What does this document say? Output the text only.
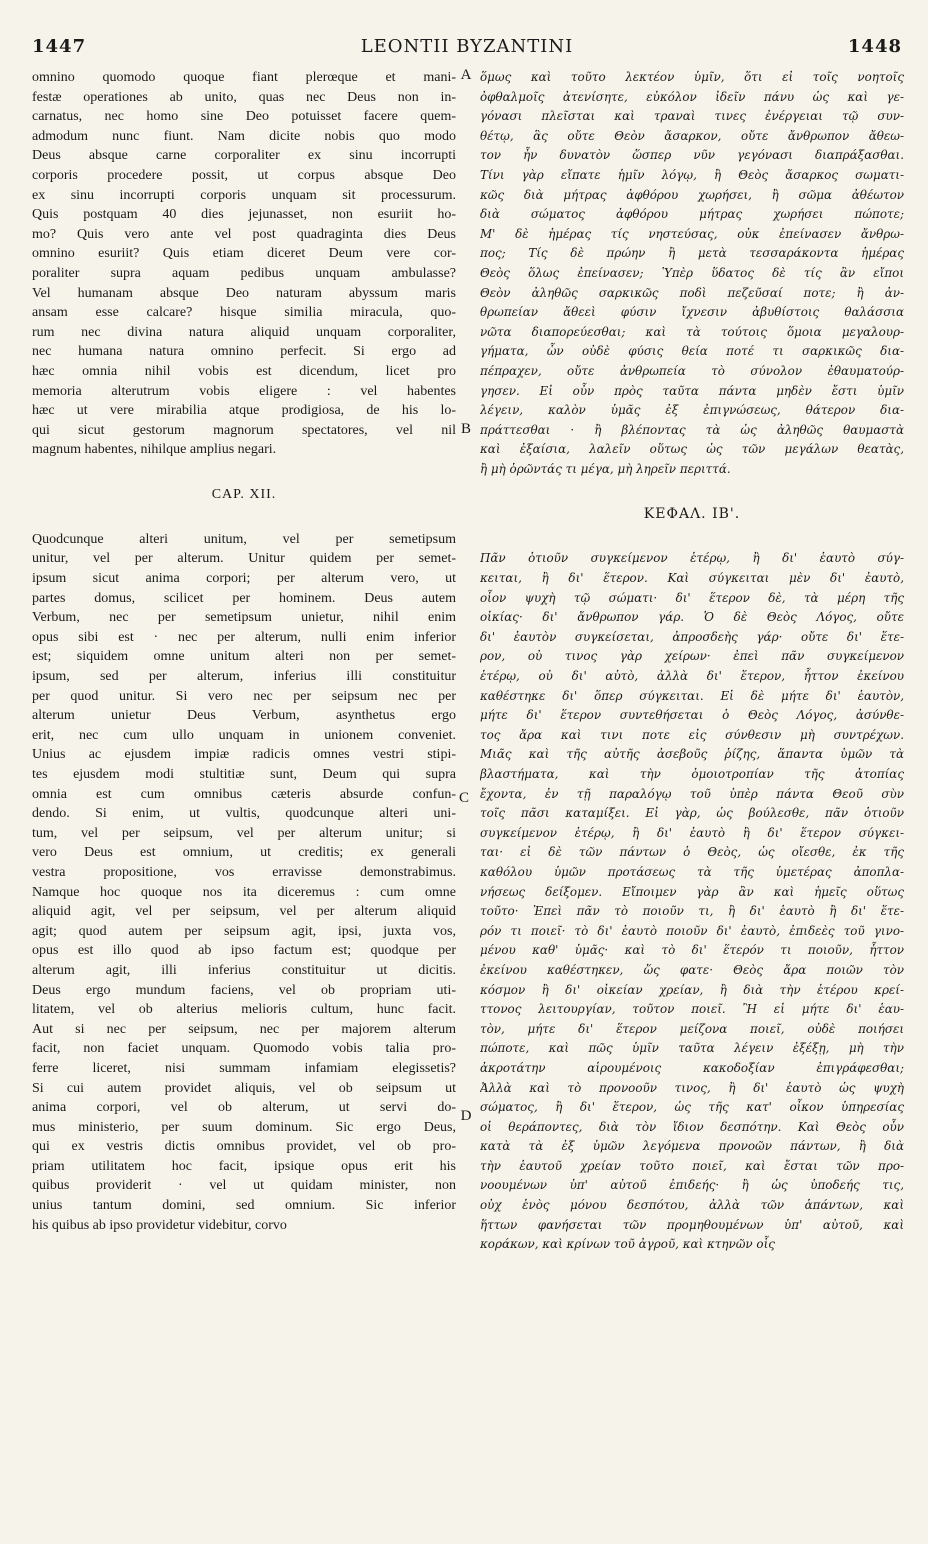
1447	LEONTII BYZANTINI	1448
A
B
C
D
omnino quomodo quoque fiant plerœque et mani-
festæ operationes ab unito, quas nec Deus non in-
carnatus, nec homo sine Deo potuisset facere quem-
admodum nunc fiunt. Nam dicite nobis quo modo
Deus absque carne corporaliter ex sinu incorrupti
corporis procedere possit, ut corpus absque Deo
ex sinu incorrupti corporis unquam sit processurum.
Quis postquam 40 dies jejunasset, non esuriit ho-
mo? Quis vero ante vel post quadraginta dies Deus
omnino esuriit? Quis etiam diceret Deum vere cor-
poraliter supra aquam pedibus unquam ambulasse?
Vel humanam absque Deo naturam abyssum maris
ansam esse calcare? hisque similia miracula, quo-
rum nec divina natura aliquid unquam corporaliter,
nec humana natura omnino perfecit. Si ergo ad
hæc omnia nihil vobis est dicendum, licet pro
memoria alterutrum vobis eligere : vel habentes
hæc ut vere mirabilia atque prodigiosa, de his lo-
qui sicut gestorum magnorum spectatores, vel nil
magnum habentes, nihilque amplius negari.
CAP. XII.
Quodcunque alteri unitum, vel per semetipsum
unitur, vel per alterum. Unitur quidem per semet-
ipsum sicut anima corpori; per alterum vero, ut
partes domus, scilicet per hominem. Deus autem
Verbum, nec per semetipsum unietur, nihil enim
opus sibi est · nec per alterum, nulli enim inferior
est; siquidem omne unitum alteri non per semet-
ipsum, sed per alterum, inferius illi constituitur
per quod unitur. Si vero nec per seipsum nec per
alterum unietur Deus Verbum, asynthetus ergo
erit, nec cum ullo unquam in unionem conveniet.
Unius ac ejusdem impiæ radicis omnes vestri stipi-
tes ejusdem modi stultitiæ sunt, Deum qui supra
omnia est cum omnibus cæteris absurde confun-
dendo. Si enim, ut vultis, quodcunque alteri uni-
tum, vel per seipsum, vel per alterum unitur; si
vero Deus est omnium, ut creditis; ex generali
vestra propositione, vos erravisse demonstrabimus.
Namque hoc quoque nos ita diceremus : cum omne
aliquid agit, vel per seipsum, vel per alterum aliquid
agit; quod autem per seipsum agit, ipsi, juxta vos,
opus est illo quod ab ipso factum est; quodque per
alterum agit, illi inferius constituitur ut dicitis.
Deus ergo mundum faciens, vel ob propriam uti-
litatem, vel ob alterius melioris cultum, hunc facit.
Aut si nec per seipsum, nec per majorem alterum
facit, non faciet unquam. Quomodo vobis talia pro-
ferre liceret, nisi summam infamiam elegissetis?
Si cui autem providet aliquis, vel ob seipsum ut
anima corpori, vel ob alterum, ut servi do-
mus ministerio, per suum dominum. Sic ergo Deus,
qui ex vestris dictis omnibus providet, vel ob pro-
priam utilitatem hoc facit, ipsique opus erit his
quibus providerit · vel ut quidam minister, non
unius tantum domini, sed omnium. Sic inferior
his quibus ab ipso providetur videbitur, corvo
ὅμως καὶ τοῦτο λεκτέον ὑμῖν, ὅτι εἰ τοῖς νοητοῖς
ὀφθαλμοῖς ἀτενίσητε, εὐκόλον ἰδεῖν πάνυ ὡς καὶ γε-
γόνασι πλεῖσται καὶ τραναὶ τινες ἐνέργειαι τῷ συν-
θέτῳ, ἃς οὔτε Θεὸν ἄσαρκον, οὔτε ἄνθρωπον ἄθεω-
τον ἦν δυνατὸν ὥσπερ νῦν γεγόνασι διαπράξασθαι.
Τίνι γὰρ εἴπατε ἡμῖν λόγῳ, ἢ Θεὸς ἄσαρκος σωματι-
κῶς διὰ μήτρας ἀφθόρου χωρήσει, ἢ σῶμα ἀθέωτον
διὰ σώματος ἀφθόρου μήτρας χωρήσει πώποτε;
Μ' δὲ ἡμέρας τίς νηστεύσας, οὐκ ἐπείνασεν ἄνθρω-
πος; Τίς δὲ πρώην ἢ μετὰ τεσσαράκοντα ἡμέρας
Θεὸς ὅλως ἐπείνασεν; Ὑπὲρ ὕδατος δὲ τίς ἂν εἴποι
Θεὸν ἀληθῶς σαρκικῶς ποδὶ πεζεῦσαί ποτε; ἢ ἀν-
θρωπείαν ἄθεεὶ φύσιν ἴχνεσιν ἀβυθίστοις θαλάσσια
νῶτα διαπορεύεσθαι; καὶ τὰ τούτοις ὅμοια μεγαλουρ-
γήματα, ὧν οὐδὲ φύσις θεία ποτέ τι σαρκικῶς δια-
πέπραχεν, οὔτε ἀνθρωπεία τὸ σύνολον ἐθαυματούρ-
γησεν. Εἰ οὖν πρὸς ταῦτα πάντα μηδὲν ἔστι ὑμῖν
λέγειν, καλὸν ὑμᾶς ἐξ ἐπιγνώσεως, θάτερον δια-
πράττεσθαι · ἢ βλέποντας τὰ ὡς ἀληθῶς θαυμαστὰ
καὶ ἐξαίσια, λαλεῖν οὕτως ὡς τῶν μεγάλων θεατὰς,
ἢ μὴ ὁρῶντάς τι μέγα, μὴ ληρεῖν περιττά.
ΚΕΦΑΛ. ΙΒ'.
Πᾶν ὁτιοῦν συγκείμενον ἑτέρῳ, ἢ δι' ἑαυτὸ σύγ-
κειται, ἢ δι' ἕτερον. Καὶ σύγκειται μὲν δι' ἑαυτὸ,
οἷον ψυχὴ τῷ σώματι· δι' ἕτερον δὲ, τὰ μέρη τῆς
οἰκίας· δι' ἄνθρωπον γάρ. Ὁ δὲ Θεὸς Λόγος, οὔτε
δι' ἑαυτὸν συγκείσεται, ἀπροσδεὴς γάρ· οὔτε δι' ἕτε-
ρον, οὐ τινος γὰρ χείρων· ἐπεὶ πᾶν συγκείμενον
ἑτέρῳ, οὐ δι' αὑτὸ, ἀλλὰ δι' ἕτερον, ἧττον ἐκείνου
καθέστηκε δι' ὅπερ σύγκειται. Εἰ δὲ μήτε δι' ἑαυτὸν,
μήτε δι' ἕτερον συντεθήσεται ὁ Θεὸς Λόγος, ἀσύνθε-
τος ἄρα καὶ τινι ποτε εἰς σύνθεσιν μὴ συντρέχων.
Μιᾶς καὶ τῆς αὐτῆς ἀσεβοῦς ῥίζης, ἅπαντα ὑμῶν τὰ
βλαστήματα, καὶ τὴν ὁμοιοτροπίαν τῆς ἀτοπίας
ἔχοντα, ἐν τῇ παραλόγῳ τοῦ ὑπὲρ πάντα Θεοῦ σὺν
τοῖς πᾶσι καταμίξει. Εἰ γὰρ, ὡς βούλεσθε, πᾶν ὁτιοῦν
συγκείμενον ἑτέρῳ, ἢ δι' ἑαυτὸ ἢ δι' ἕτερον σύγκει-
ται· εἰ δὲ τῶν πάντων ὁ Θεὸς, ὡς οἴεσθε, ἐκ τῆς
καθόλου ὑμῶν προτάσεως τὰ τῆς ὑμετέρας ἀποπλα-
νήσεως δείξομεν. Εἴποιμεν γὰρ ἂν καὶ ἡμεῖς οὕτως
τοῦτο· Ἐπεὶ πᾶν τὸ ποιοῦν τι, ἢ δι' ἑαυτὸ ἢ δι' ἕτε-
ρόν τι ποιεῖ· τὸ δι' ἑαυτὸ ποιοῦν δι' ἑαυτὸ, ἐπιδεὲς τοῦ γινο-
μένου καθ' ὑμᾶς· καὶ τὸ δι' ἕτερόν τι ποιοῦν, ἧττον
ἐκείνου καθέστηκεν, ὥς φατε· Θεὸς ἄρα ποιῶν τὸν
κόσμον ἢ δι' οἰκείαν χρείαν, ἢ διὰ τὴν ἑτέρου κρεί-
ττονος λειτουργίαν, τοῦτον ποιεῖ. Ἢ εἰ μήτε δι' ἑαυ-
τὸν, μήτε δι' ἕτερον μείζονα ποιεῖ, οὐδὲ ποιήσει
πώποτε, καὶ πῶς ὑμῖν ταῦτα λέγειν ἐξέξῃ, μὴ τὴν
ἀκροτάτην αἱρουμένοις κακοδοξίαν ἐπιγράφεσθαι;
Ἀλλὰ καὶ τὸ προνοοῦν τινος, ἢ δι' ἑαυτὸ ὡς ψυχὴ
σώματος, ἢ δι' ἕτερον, ὡς τῆς κατ' οἶκον ὑπηρεσίας
οἱ θεράποντες, διὰ τὸν ἴδιον δεσπότην. Καὶ Θεὸς οὖν
κατὰ τὰ ἐξ ὑμῶν λεγόμενα προνοῶν πάντων, ἢ διὰ
τὴν ἑαυτοῦ χρείαν τοῦτο ποιεῖ, καὶ ἔσται τῶν προ-
νοουμένων ὑπ' αὐτοῦ ἐπιδεής· ἢ ὡς ὑποδεής τις,
οὐχ ἑνὸς μόνου δεσπότου, ἀλλὰ τῶν ἁπάντων, καὶ
ἥττων φανήσεται τῶν προμηθουμένων ὑπ' αὐτοῦ, καὶ
κοράκων, καὶ κρίνων τοῦ ἀγροῦ, καὶ κτηνῶν οἷς
